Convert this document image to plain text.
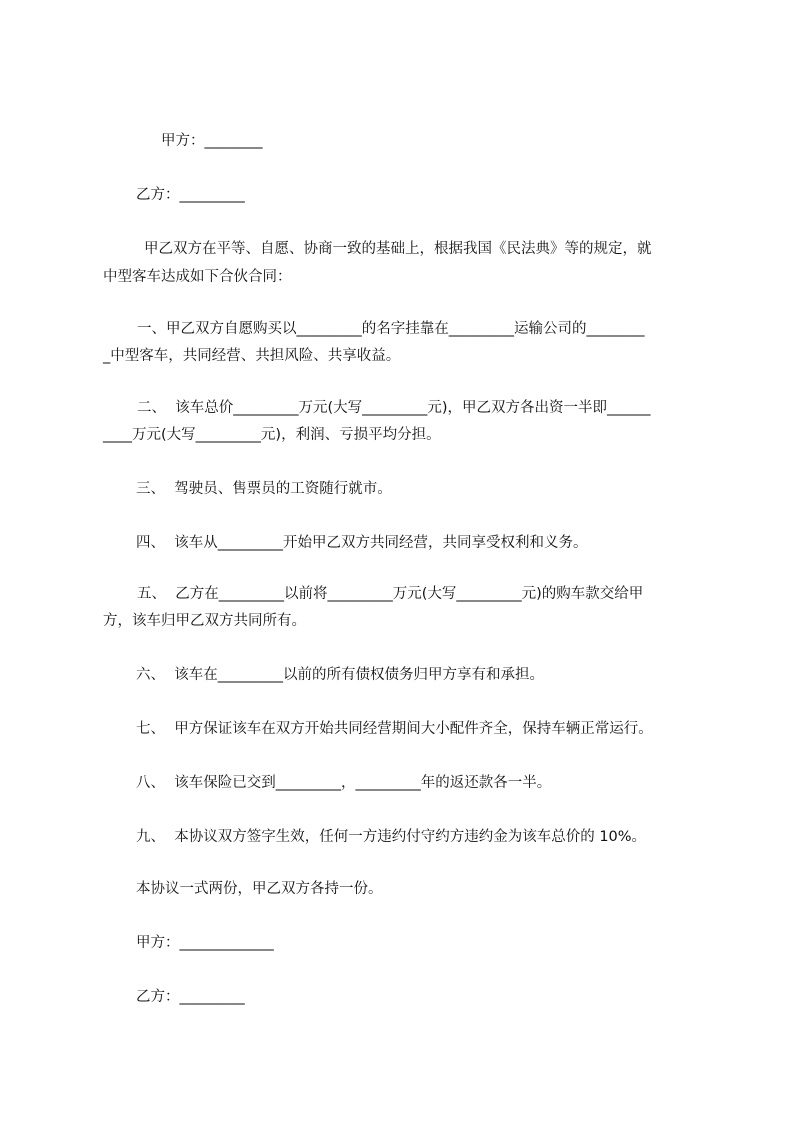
甲方：________
乙方：_________
甲乙双方在平等、自愿、协商一致的基础上，根据我国《民法典》等的规定，就
中型客车达成如下合伙合同：
一、甲乙双方自愿购买以_________的名字挂靠在_________运输公司的________
_中型客车，共同经营、共担风险、共享收益。
二、  该车总价_________万元(大写_________元)，甲乙双方各出资一半即______
____万元(大写_________元)，利润、亏损平均分担。
三、  驾驶员、售票员的工资随行就市。
四、  该车从_________开始甲乙双方共同经营，共同享受权利和义务。
五、  乙方在_________以前将_________万元(大写_________元)的购车款交给甲
方，该车归甲乙双方共同所有。
六、  该车在_________以前的所有债权债务归甲方享有和承担。
七、  甲方保证该车在双方开始共同经营期间大小配件齐全，保持车辆正常运行。
八、  该车保险已交到_________，_________年的返还款各一半。
九、  本协议双方签字生效，任何一方违约付守约方违约金为该车总价的 10%。
本协议一式两份，甲乙双方各持一份。
甲方：_____________
乙方：_________
